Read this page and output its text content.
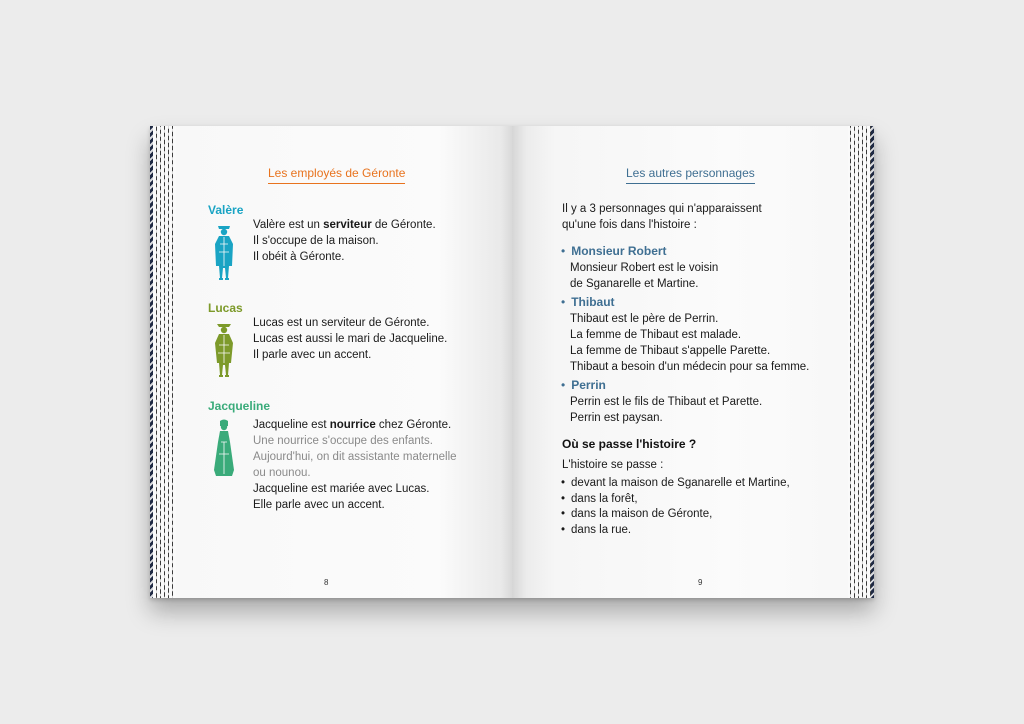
Les employés de Géronte
Valère
Valère est un serviteur de Géronte.
Il s'occupe de la maison.
Il obéit à Géronte.
Lucas
Lucas est un serviteur de Géronte.
Lucas est aussi le mari de Jacqueline.
Il parle avec un accent.
Jacqueline
Jacqueline est nourrice chez Géronte.
Une nourrice s'occupe des enfants.
Aujourd'hui, on dit assistante maternelle
ou nounou.
Jacqueline est mariée avec Lucas.
Elle parle avec un accent.
8
Les autres personnages
Il y a 3 personnages qui n'apparaissent
qu'une fois dans l'histoire :
• Monsieur Robert
Monsieur Robert est le voisin
de Sganarelle et Martine.
• Thibaut
Thibaut est le père de Perrin.
La femme de Thibaut est malade.
La femme de Thibaut s'appelle Parette.
Thibaut a besoin d'un médecin pour sa femme.
• Perrin
Perrin est le fils de Thibaut et Parette.
Perrin est paysan.
Où se passe l'histoire ?
L'histoire se passe :
• devant la maison de Sganarelle et Martine,
• dans la forêt,
• dans la maison de Géronte,
• dans la rue.
9
